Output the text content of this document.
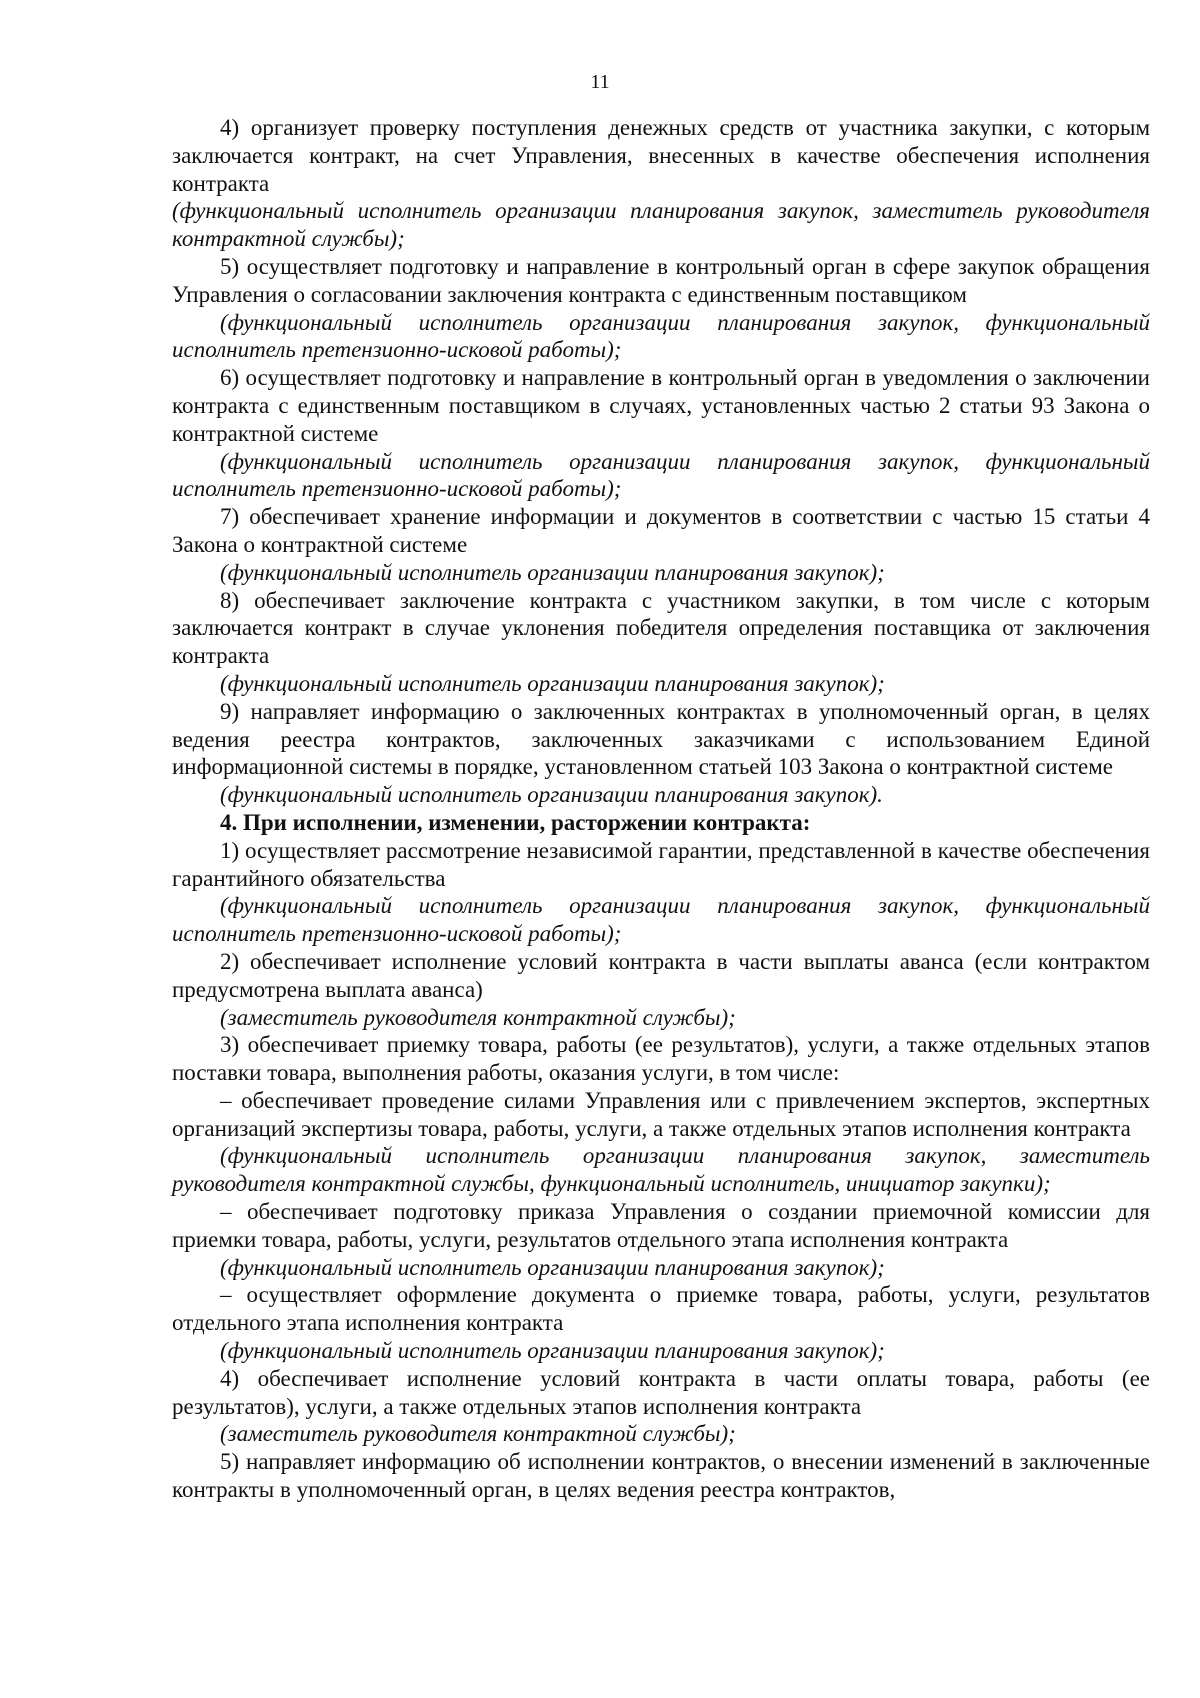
11

4) организует проверку поступления денежных средств от участника закупки, с которым заключается контракт, на счет Управления, внесенных в качестве обеспечения исполнения контракта

(функциональный исполнитель организации планирования закупок, заместитель руководителя контрактной службы);

5) осуществляет подготовку и направление в контрольный орган в сфере закупок обращения Управления о согласовании заключения контракта с единственным поставщиком

(функциональный исполнитель организации планирования закупок, функциональный исполнитель претензионно-исковой работы);

6) осуществляет подготовку и направление в контрольный орган в уведомления о заключении контракта с единственным поставщиком в случаях, установленных частью 2 статьи 93 Закона о контрактной системе

(функциональный исполнитель организации планирования закупок, функциональный исполнитель претензионно-исковой работы);

7) обеспечивает хранение информации и документов в соответствии с частью 15 статьи 4 Закона о контрактной системе

(функциональный исполнитель организации планирования закупок);

8) обеспечивает заключение контракта с участником закупки, в том числе с которым заключается контракт в случае уклонения победителя определения поставщика от заключения контракта

(функциональный исполнитель организации планирования закупок);

9) направляет информацию о заключенных контрактах в уполномоченный орган, в целях ведения реестра контрактов, заключенных заказчиками с использованием Единой информационной системы в порядке, установленном статьей 103 Закона о контрактной системе

(функциональный исполнитель организации планирования закупок).

4. При исполнении, изменении, расторжении контракта:

1) осуществляет рассмотрение независимой гарантии, представленной в качестве обеспечения гарантийного обязательства

(функциональный исполнитель организации планирования закупок, функциональный исполнитель претензионно-исковой работы);

2) обеспечивает исполнение условий контракта в части выплаты аванса (если контрактом предусмотрена выплата аванса)

(заместитель руководителя контрактной службы);

3) обеспечивает приемку товара, работы (ее результатов), услуги, а также отдельных этапов поставки товара, выполнения работы, оказания услуги, в том числе:

– обеспечивает проведение силами Управления или с привлечением экспертов, экспертных организаций экспертизы товара, работы, услуги, а также отдельных этапов исполнения контракта

(функциональный исполнитель организации планирования закупок, заместитель руководителя контрактной службы, функциональный исполнитель, инициатор закупки);

– обеспечивает подготовку приказа Управления о создании приемочной комиссии для приемки товара, работы, услуги, результатов отдельного этапа исполнения контракта

(функциональный исполнитель организации планирования закупок);

– осуществляет оформление документа о приемке товара, работы, услуги, результатов отдельного этапа исполнения контракта

(функциональный исполнитель организации планирования закупок);

4) обеспечивает исполнение условий контракта в части оплаты товара, работы (ее результатов), услуги, а также отдельных этапов исполнения контракта

(заместитель руководителя контрактной службы);

5) направляет информацию об исполнении контрактов, о внесении изменений в заключенные контракты в уполномоченный орган, в целях ведения реестра контрактов,
